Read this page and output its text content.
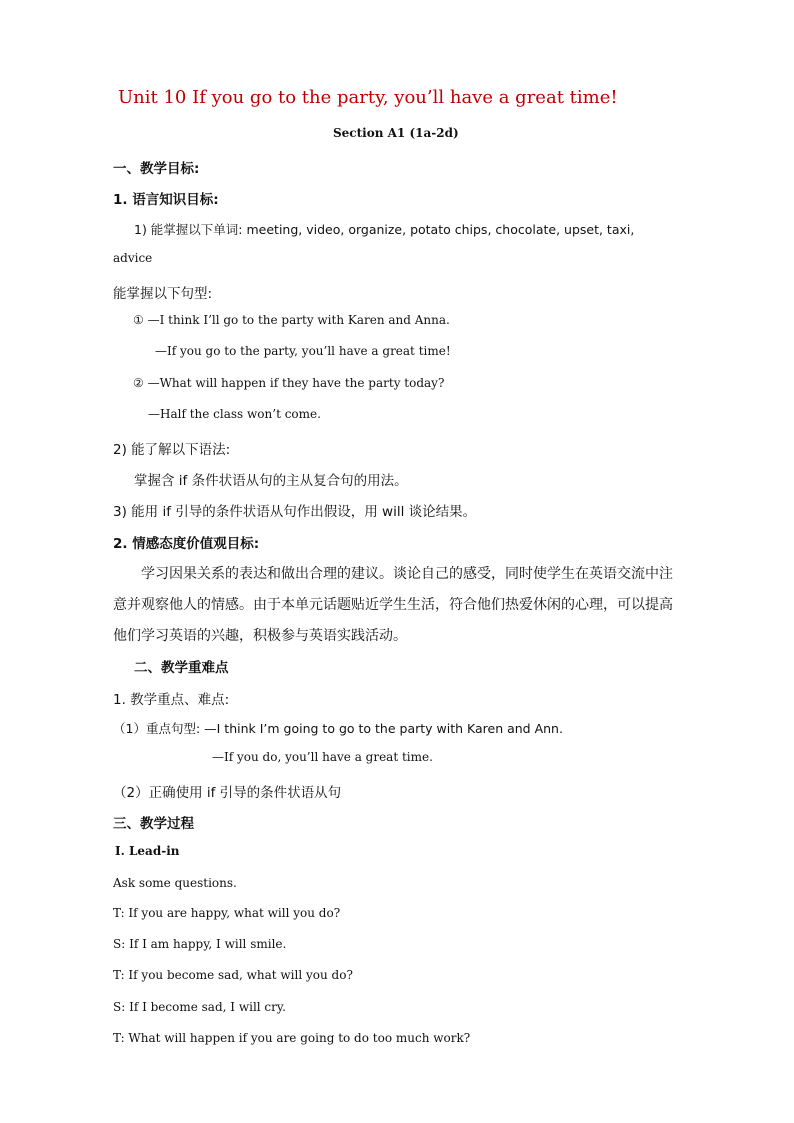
Unit 10 If you go to the party, you’ll have a great time!
Section A1 (1a-2d)
一、教学目标:
1. 语言知识目标:
1) 能掌握以下单词: meeting, video, organize, potato chips, chocolate, upset, taxi,
advice
能掌握以下句型:
① —I think I’ll go to the party with Karen and Anna.
—If you go to the party, you’ll have a great time!
② —What will happen if they have the party today?
—Half the class won’t come.
2) 能了解以下语法:
掌握含 if 条件状语从句的主从复合句的用法。
3) 能用 if 引导的条件状语从句作出假设，用 will 谈论结果。
2. 情感态度价值观目标:
学习因果关系的表达和做出合理的建议。谈论自己的感受，同时使学生在英语交流中注
意并观察他人的情感。由于本单元话题贴近学生生活，符合他们热爱休闲的心理，可以提高
他们学习英语的兴趣，积极参与英语实践活动。
二、教学重难点
1. 教学重点、难点:
（1）重点句型: —I think I’m going to go to the party with Karen and Ann.
—If you do, you’ll have a great time.
（2）正确使用 if 引导的条件状语从句
三、教学过程
Ⅰ. Lead-in
Ask some questions.
T: If you are happy, what will you do?
S: If I am happy, I will smile.
T: If you become sad, what will you do?
S: If I become sad, I will cry.
T: What will happen if you are going to do too much work?
